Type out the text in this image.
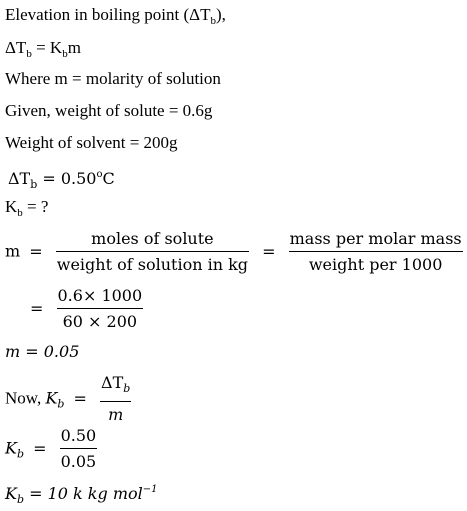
Elevation in boiling point $(\Delta T_b)$,
$\Delta T_b = K_bm$
Where m = molarity of solution
Given, weight of solute = 0.6g
Weight of solvent = 200g
$\Delta T_b = 0.50^oC$
$K_b$ = ?
$m = \frac{\text{moles of solute}}{\text{weight of solution in kg}} = \frac{\text{mass per molar mass}}{\text{weight per 1000}}$
= $\frac{0.6\times 1000}{60 \times 200}$
m = 0.05
Now, $K_b = \frac{\Delta T_b}{m}$
$K_b = \frac{0.50}{0.05}$
$K_b = 10$ k kg mol$^{-1}$
